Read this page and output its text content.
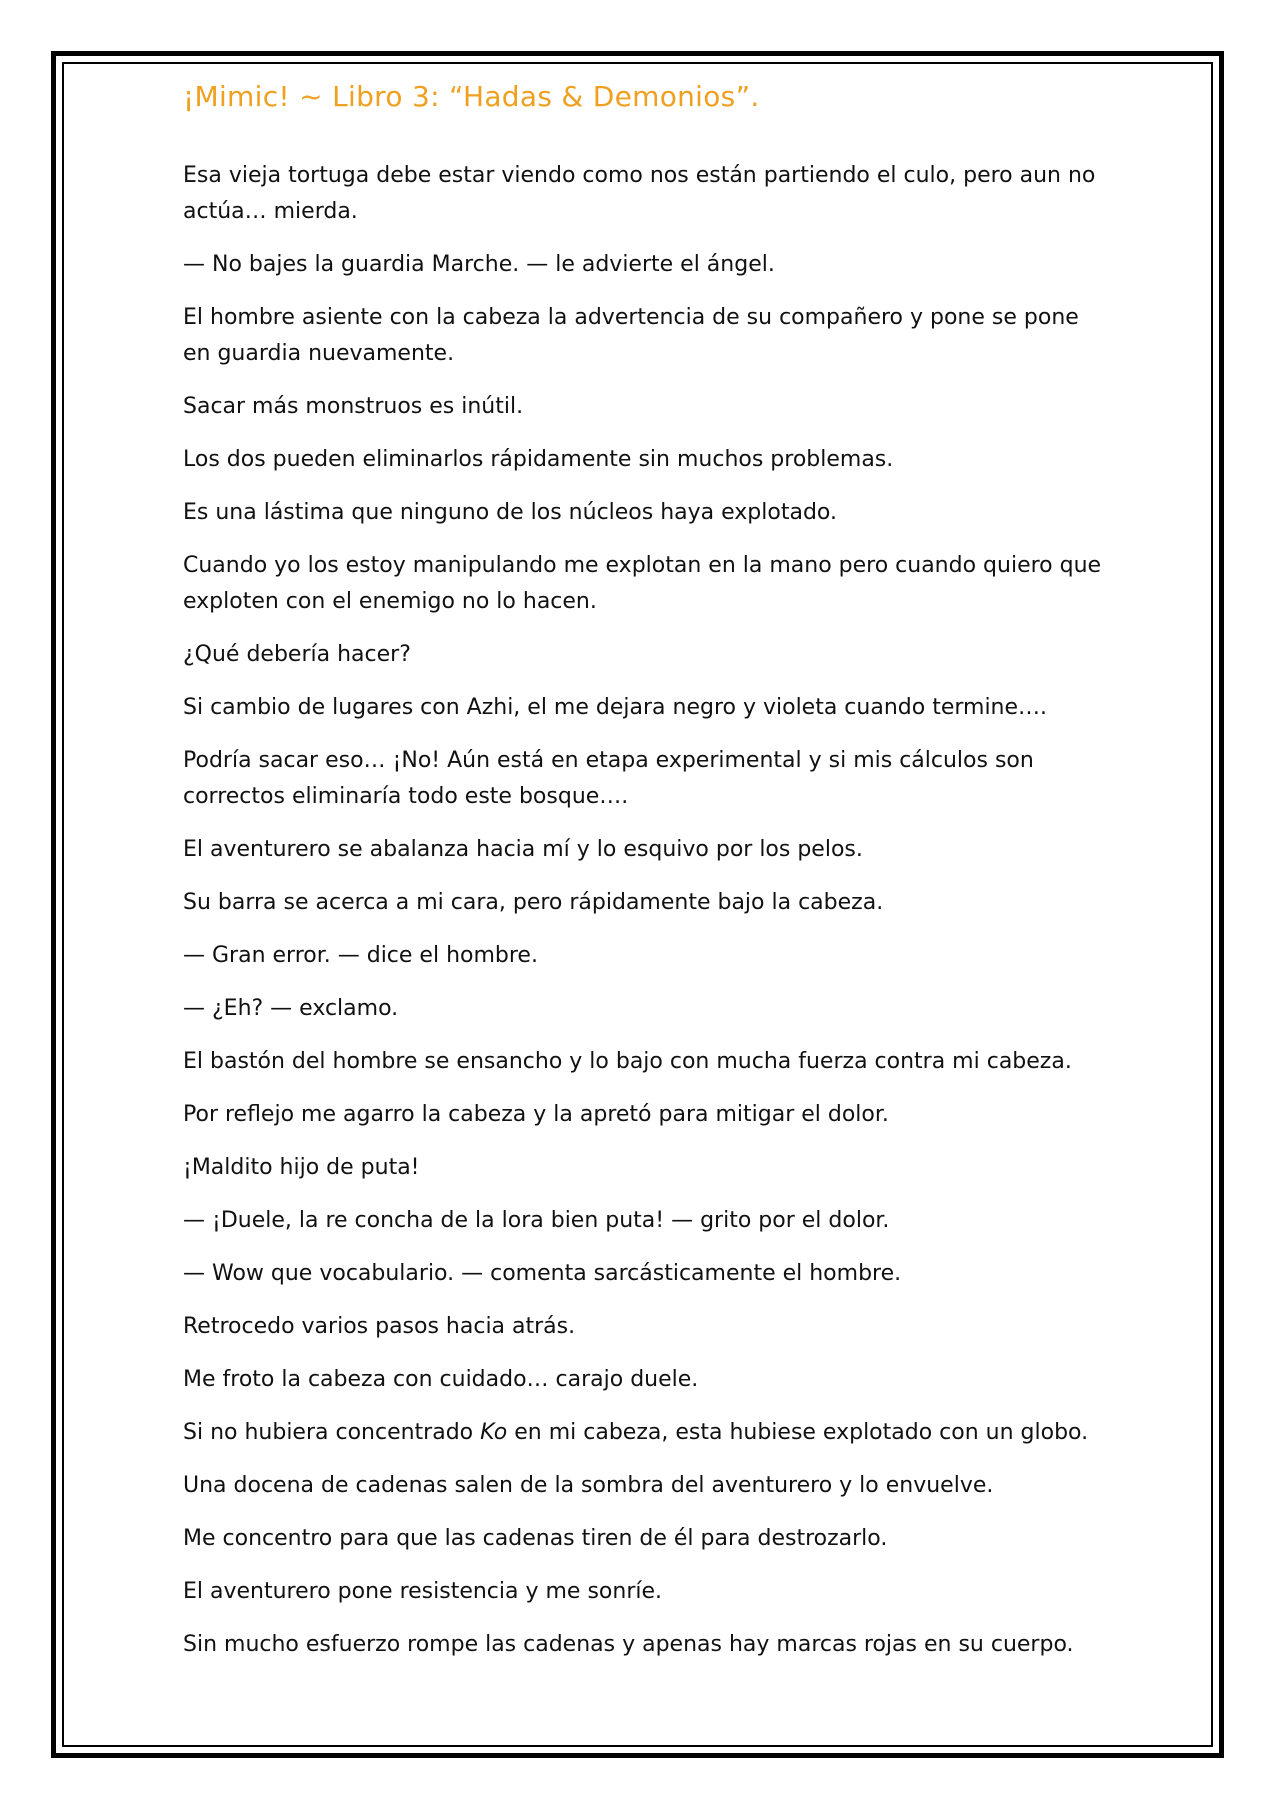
¡Mimic! ~ Libro 3: “Hadas & Demonios”.

Esa vieja tortuga debe estar viendo como nos están partiendo el culo, pero aun no actúa… mierda.

— No bajes la guardia Marche. — le advierte el ángel.

El hombre asiente con la cabeza la advertencia de su compañero y pone se pone en guardia nuevamente.

Sacar más monstruos es inútil.

Los dos pueden eliminarlos rápidamente sin muchos problemas.

Es una lástima que ninguno de los núcleos haya explotado.

Cuando yo los estoy manipulando me explotan en la mano pero cuando quiero que exploten con el enemigo no lo hacen.

¿Qué debería hacer?

Si cambio de lugares con Azhi, el me dejara negro y violeta cuando termine….

Podría sacar eso… ¡No! Aún está en etapa experimental y si mis cálculos son correctos eliminaría todo este bosque….

El aventurero se abalanza hacia mí y lo esquivo por los pelos.

Su barra se acerca a mi cara, pero rápidamente bajo la cabeza.

— Gran error. — dice el hombre.

— ¿Eh? — exclamo.

El bastón del hombre se ensancho y lo bajo con mucha fuerza contra mi cabeza.

Por reflejo me agarro la cabeza y la apretó para mitigar el dolor.

¡Maldito hijo de puta!

— ¡Duele, la re concha de la lora bien puta! — grito por el dolor.

— Wow que vocabulario. — comenta sarcásticamente el hombre.

Retrocedo varios pasos hacia atrás.

Me froto la cabeza con cuidado… carajo duele.

Si no hubiera concentrado Ko en mi cabeza, esta hubiese explotado con un globo.

Una docena de cadenas salen de la sombra del aventurero y lo envuelve.

Me concentro para que las cadenas tiren de él para destrozarlo.

El aventurero pone resistencia y me sonríe.

Sin mucho esfuerzo rompe las cadenas y apenas hay marcas rojas en su cuerpo.
